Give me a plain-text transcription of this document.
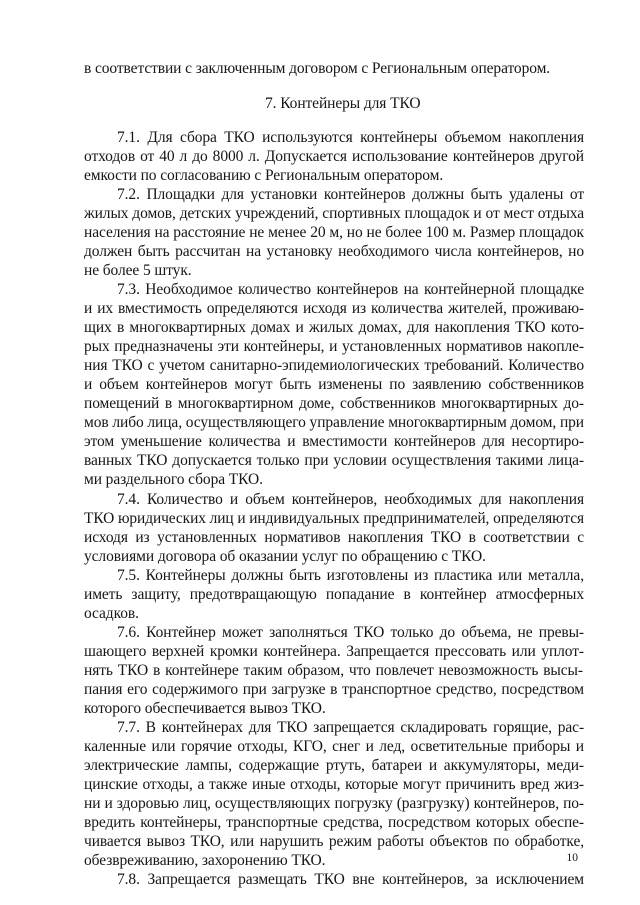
в соответствии с заключенным договором с Региональным оператором.
7. Контейнеры для ТКО
7.1. Для сбора ТКО используются контейнеры объемом накопления
отходов от 40 л до 8000 л. Допускается использование контейнеров другой
емкости по согласованию с Региональным оператором.
7.2. Площадки для установки контейнеров должны быть удалены от
жилых домов, детских учреждений, спортивных площадок и от мест отдыха
населения на расстояние не менее 20 м, но не более 100 м. Размер площадок
должен быть рассчитан на установку необходимого числа контейнеров, но
не более 5 штук.
7.3. Необходимое количество контейнеров на контейнерной площадке
и их вместимость определяются исходя из количества жителей, проживаю-
щих в многоквартирных домах и жилых домах, для накопления ТКО кото-
рых предназначены эти контейнеры, и установленных нормативов накопле-
ния ТКО с учетом санитарно-эпидемиологических требований. Количество
и объем контейнеров могут быть изменены по заявлению собственников
помещений в многоквартирном доме, собственников многоквартирных до-
мов либо лица, осуществляющего управление многоквартирным домом, при
этом уменьшение количества и вместимости контейнеров для несортиро-
ванных ТКО допускается только при условии осуществления такими лица-
ми раздельного сбора ТКО.
7.4. Количество и объем контейнеров, необходимых для накопления
ТКО юридических лиц и индивидуальных предпринимателей, определяются
исходя из установленных нормативов накопления ТКО в соответствии с
условиями договора об оказании услуг по обращению с ТКО.
7.5. Контейнеры должны быть изготовлены из пластика или металла,
иметь защиту, предотвращающую попадание в контейнер атмосферных
осадков.
7.6. Контейнер может заполняться ТКО только до объема, не превы-
шающего верхней кромки контейнера. Запрещается прессовать или уплот-
нять ТКО в контейнере таким образом, что повлечет невозможность высы-
пания его содержимого при загрузке в транспортное средство, посредством
которого обеспечивается вывоз ТКО.
7.7. В контейнерах для ТКО запрещается складировать горящие, рас-
каленные или горячие отходы, КГО, снег и лед, осветительные приборы и
электрические лампы, содержащие ртуть, батареи и аккумуляторы, меди-
цинские отходы, а также иные отходы, которые могут причинить вред жиз-
ни и здоровью лиц, осуществляющих погрузку (разгрузку) контейнеров, по-
вредить контейнеры, транспортные средства, посредством которых обеспе-
чивается вывоз ТКО, или нарушить режим работы объектов по обработке,
обезвреживанию, захоронению ТКО.
7.8. Запрещается размещать ТКО вне контейнеров, за исключением
10
